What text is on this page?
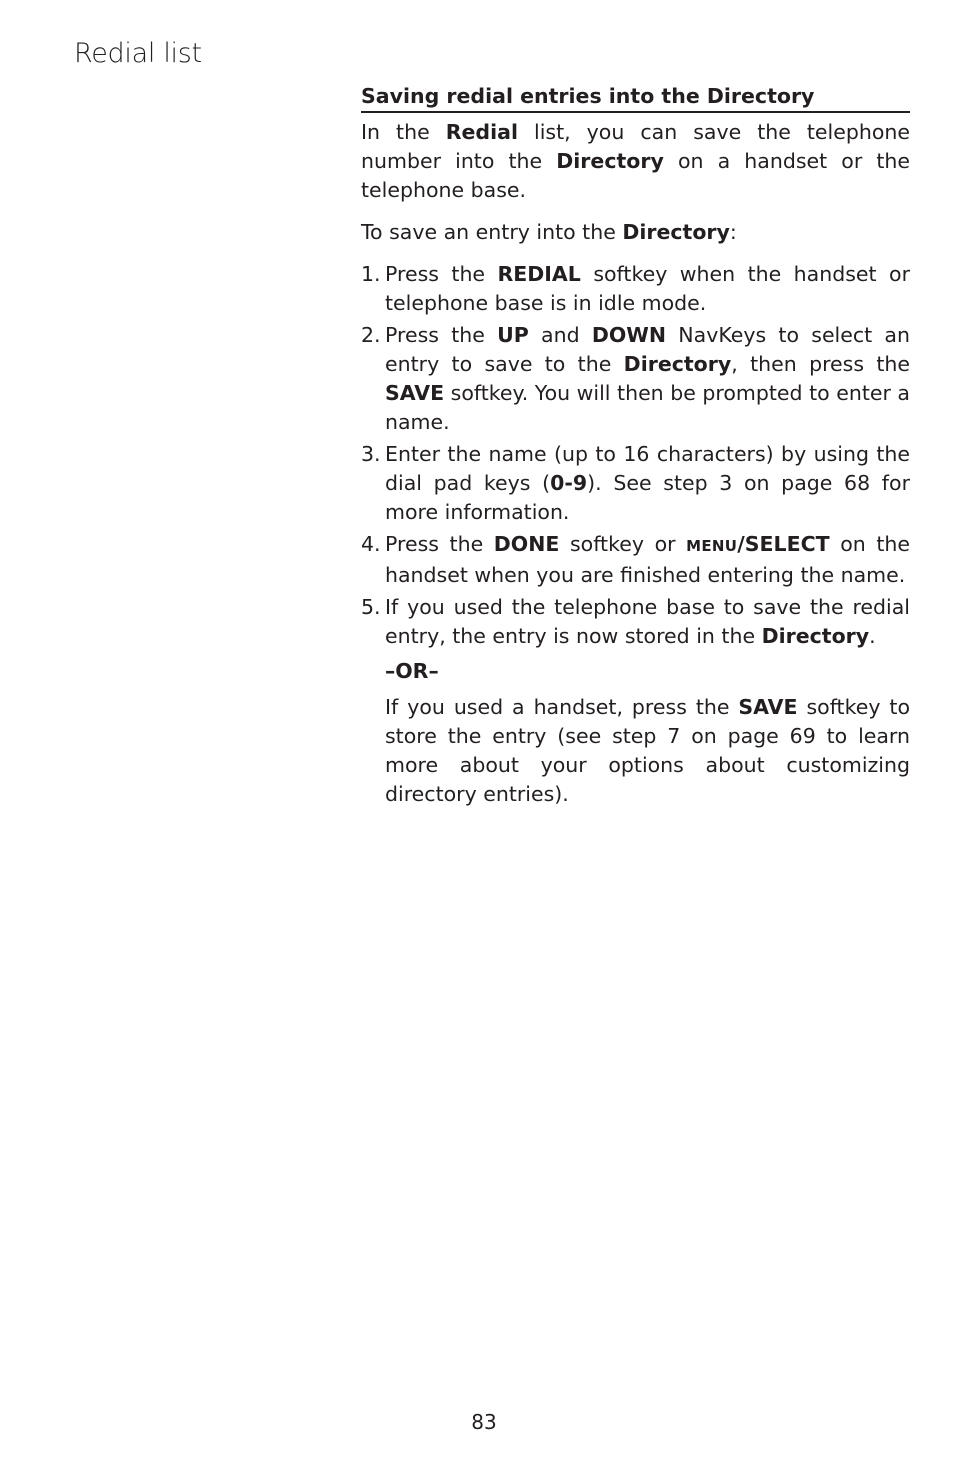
Redial list
Saving redial entries into the Directory

In the Redial list, you can save the telephone number into the Directory on a handset or the telephone base.

To save an entry into the Directory:

1. Press the REDIAL softkey when the handset or telephone base is in idle mode.
2. Press the UP and DOWN NavKeys to select an entry to save to the Directory, then press the SAVE softkey. You will then be prompted to enter a name.
3. Enter the name (up to 16 characters) by using the dial pad keys (0-9). See step 3 on page 68 for more information.
4. Press the DONE softkey or MENU/SELECT on the handset when you are finished entering the name.
5. If you used the telephone base to save the redial entry, the entry is now stored in the Directory.
–OR–
If you used a handset, press the SAVE softkey to store the entry (see step 7 on page 69 to learn more about your options about customizing directory entries).
83
